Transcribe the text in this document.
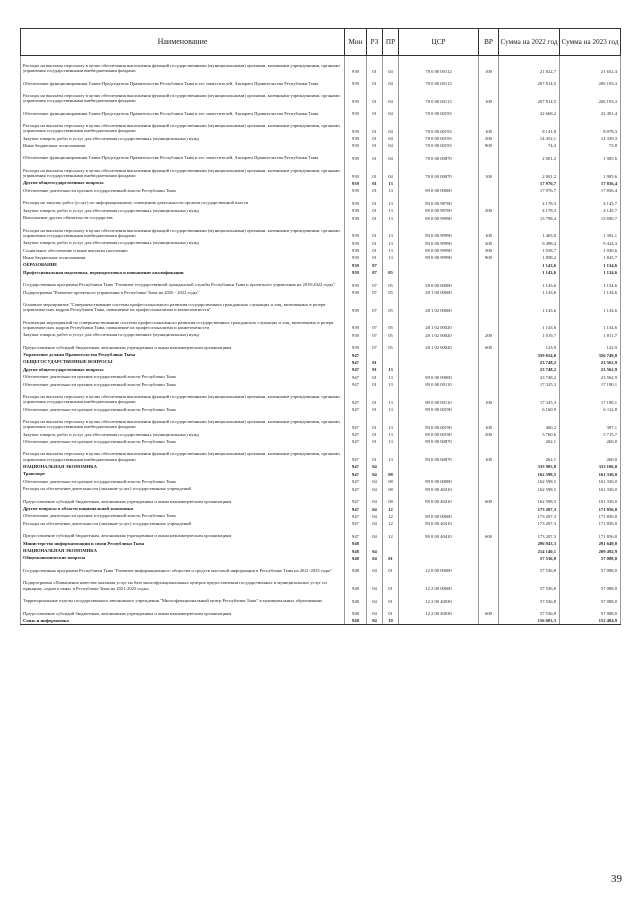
Наименование	Мин	РЗ	ПР	ЦСР	ВР	Сумма на 2022 год	Сумма на 2023 год
Расходы на выплаты персоналу в целях обеспечения выполнения функций государственными (муниципальными) органами, казенными учреждениями, органами управления государственными внебюджетными фондами	939	01	04	78 0 00 00112	100	21 822,7	21 652,4
Обеспечение функционирования Главы-Председателя Правительства Республики Тыва и его заместителей, Аппарата Правительства Республики Тыва	939	01	04	78 0 00 00113		207 814,5	206 193,3
Расходы на выплаты персоналу в целях обеспечения выполнения функций государственными (муниципальными) органами, казенными учреждениями, органами управления государственными внебюджетными фондами	939	01	04	78 0 00 00113	100	207 814,5	206 193,3
Обеспечение функционирования Главы-Председателя Правительства Республики Тыва и его заместителей, Аппарата Правительства Республики Тыва	939	01	04	78 0 00 00193		22 668,2	22 491,4
Расходы на выплаты персоналу в целях обеспечения выполнения функций государственными (муниципальными) органами, казенными учреждениями, органами управления государственными внебюджетными фондами	939	01	04	78 0 00 00193	100	8 141,8	8 078,3
Закупка товаров, работ и услуг для обеспечения государственных (муниципальных) нужд	939	01	04	78 0 00 00193	200	14 452,1	14 339,3
Иные бюджетные ассигнования	939	01	04	78 0 00 00193	800	74,3	73,8
Обеспечение функционирования Главы-Председателя Правительства Республики Тыва и его заместителей, Аппарата Правительства Республики Тыва	939	01	04	78 0 00 00870		2 001,2	1 985,6
Расходы на выплаты персоналу в целях обеспечения выполнения функций государственными (муниципальными) органами, казенными учреждениями, органами управления государственными внебюджетными фондами	939	01	04	78 0 00 00870	100	2 001,2	1 985,6
Другие общегосударственные вопросы	939	01	13			17 976,7	17 836,4
Обеспечение деятельности органов государственной власти Республики Тыва	939	01	13	89 0 00 00000		17 976,7	17 836,4
Расходы на закупку работ (услуг) по информационному освещению деятельности органов государственной власти	939	01	13	89 0 00 98700		4 178,3	4 145,7
Закупка товаров, работ и услуг для обеспечения государственных (муниципальных) нужд	939	01	13	89 0 00 98700	200	4 178,3	4 145,7
Выполнение других обязательств государства	939	01	13	89 0 00 99990		13 798,4	13 690,7
Расходы на выплаты персоналу в целях обеспечения выполнения функций государственными (муниципальными) органами, казенными учреждениями, органами управления государственными внебюджетными фондами	939	01	13	89 0 00 99990	100	1 403,0	1 392,1
Закупка товаров, работ и услуг для обеспечения государственных (муниципальных) нужд	939	01	13	89 0 00 99990	200	9 498,4	9 424,3
Социальное обеспечение и иные выплаты населению	939	01	13	89 0 00 99990	300	1 038,7	1 030,6
Иные бюджетные ассигнования	939	01	13	89 0 00 99990	800	1 858,2	1 843,7
ОБРАЗОВАНИЕ	939	07				1 143,6	1 134,6
Профессиональная подготовка, переподготовка и повышение квалификации	939	07	05			1 143,6	1 134,6
Государственная программа Республики Тыва "Развитие государственной гражданской службы Республики Тыва и проектного управления на 2018-2022 годы"	939	07	05	28 0 00 00000		1 143,6	1 134,6
Подпрограмма "Развитие проектного управления в Республике Тыва на 2020 - 2022 годы"	939	07	05	28 1 00 00000		1 143,6	1 134,6
Основное мероприятие "Совершенствование системы профессионального развития государственных гражданских служащих и лиц, включенных в резерв управленческих кадров Республики Тыва, повышение их профессионализма и компетентности"	939	07	05	28 1 02 00000		1 143,6	1 134,6
Реализация мероприятий по совершенствованию системы профессионального развития государственных гражданских служащих и лиц, включенных в резерв управленческих кадров Республики Тыва, повышение их профессионализма и компетентности	939	07	05	28 1 02 00020		1 143,6	1 134,6
Закупка товаров, работ и услуг для обеспечения государственных (муниципальных) нужд	939	07	05	28 1 02 00020	200	1 019,7	1 011,7
Предоставление субсидий бюджетным, автономным учреждениям и иным некоммерческим организациям	939	07	05	28 1 02 00020	600	123,9	122,9
Управление делами Правительства Республики Тыва	947					359 654,0	356 749,0
ОБЩЕГОСУДАРСТВЕННЫЕ ВОПРОСЫ	947	01				23 748,2	23 562,9
Другие общегосударственные вопросы	947	01	13			23 748,2	23 562,9
Обеспечение деятельности органов государственной власти Республики Тыва	947	01	13	89 0 00 00000		23 748,2	23 562,9
Обеспечение деятельности органов государственной власти Республики Тыва	947	01	13	89 0 00 00110		17 325,3	17 190,1
Расходы на выплаты персоналу в целях обеспечения выполнения функций государственными (муниципальными) органами, казенными учреждениями, органами управления государственными внебюджетными фондами	947	01	13	89 0 00 00110	100	17 325,3	17 190,1
Обеспечение деятельности органов государственной власти Республики Тыва	947	01	13	89 0 00 00190		6 160,9	6 112,8
Расходы на выплаты персоналу в целях обеспечения выполнения функций государственными (муниципальными) органами, казенными учреждениями, органами управления государственными внебюджетными фондами	947	01	13	89 0 00 00190	100	400,2	397,1
Закупка товаров, работ и услуг для обеспечения государственных (муниципальных) нужд	947	01	13	89 0 00 00190	200	5 760,6	5 715,7
Обеспечение деятельности органов государственной власти Республики Тыва	947	01	13	89 0 00 00870		262,1	260,0
Расходы на выплаты персоналу в целях обеспечения выполнения функций государственными (муниципальными) органами, казенными учреждениями, органами управления государственными внебюджетными фондами	947	01	13	89 0 00 00870	100	262,1	260,0
НАЦИОНАЛЬНАЯ ЭКОНОМИКА	947	04				335 905,8	333 186,0
Транспорт	947	04	08			162 598,5	161 330,0
Обеспечение деятельности органов государственной власти Республики Тыва	947	04	08	89 0 00 00000		162 598,5	161 330,0
Расходы на обеспечение деятельности (оказание услуг) государственных учреждений	947	04	08	89 0 00 40410		162 598,5	161 330,0
Предоставление субсидий бюджетным, автономным учреждениям и иным некоммерческим организациям	947	04	08	89 0 00 40410	600	162 598,5	161 330,0
Другие вопросы в области национальной экономики	947	04	12			173 207,3	171 856,0
Обеспечение деятельности органов государственной власти Республики Тыва	947	04	12	89 0 00 00000		173 207,3	171 856,0
Расходы на обеспечение деятельности (оказание услуг) государственных учреждений	947	04	12	89 0 00 40410		173 207,3	171 856,0
Предоставление субсидий бюджетным, автономным учреждениям и иным некоммерческим организациям	947	04	12	89 0 00 40410	600	173 207,3	171 856,0
Министерство информатизации и связи Республики Тыва	948					296 943,3	291 649,0
НАЦИОНАЛЬНАЯ ЭКОНОМИКА	948	04				214 140,1	209 492,9
Общеэкономические вопросы	948	04	01			57 536,8	57 088,0
Государственная программа Республики Тыва "Развитие информационного общества и средств массовой информации в Республике Тыва на 2021-2025 годы"	948	04	01	12 0 00 00000		57 536,8	57 088,0
Подпрограмма «Повышение качества оказания услуг на базе многофункциональных центров предоставления государственных и муниципальных услуг по принципу «одного окна» в Республике Тыва на 2021-2025 годы»	948	04	01	12 2 00 00000		57 536,8	57 088,0
Территориальные отделы государственного автономного учреждения "Многофункциональный центр Республики Тыва" в муниципальных образованиях	948	04	01	12 2 00 40030		57 536,8	57 088,0
Предоставление субсидий бюджетным, автономным учреждениям и иным некоммерческим организациям	948	04	01	12 2 00 40030	600	57 536,8	57 088,0
Связь и информатика	948	04	10			156 603,3	152 404,9
39
